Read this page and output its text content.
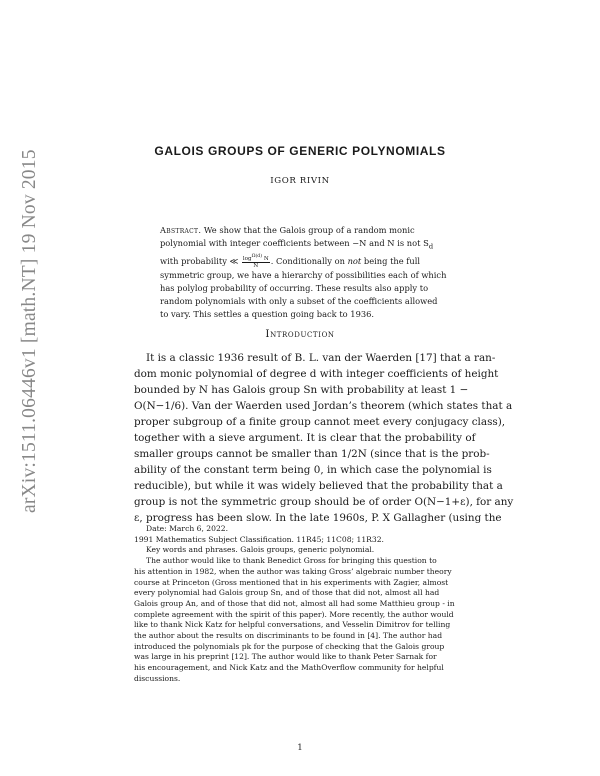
arXiv:1511.06446v1 [math.NT] 19 Nov 2015	GALOIS GROUPS OF GENERIC POLYNOMIALS
IGOR RIVIN
Abstract. We show that the Galois group of a random monic
polynomial with integer coefficients between −N and N is not $S_d$
with probability ≪ $\frac{\log^{\Omega(d)} N}{N}$ . Conditionally on not being the full
symmetric group, we have a hierarchy of possibilities each of which
has polylog probability of occurring. These results also apply to
random polynomials with only a subset of the coefficients allowed
to vary. This settles a question going back to 1936.
Introduction
It is a classic 1936 result of B. L. van der Waerden [17] that a ran-
dom monic polynomial of degree d with integer coefficients of height
bounded by N has Galois group Sn with probability at least 1 −
O(N−1/6). Van der Waerden used Jordan’s theorem (which states that a
proper subgroup of a finite group cannot meet every conjugacy class),
together with a sieve argument. It is clear that the probability of
smaller groups cannot be smaller than 1/2N (since that is the prob-
ability of the constant term being 0, in which case the polynomial is
reducible), but while it was widely believed that the probability that a
group is not the symmetric group should be of order O(N−1+ε), for any
ε, progress has been slow. In the late 1960s, P. X Gallagher (using the
Date: March 6, 2022.
1991 Mathematics Subject Classification. 11R45; 11C08; 11R32.
Key words and phrases. Galois groups, generic polynomial.
The author would like to thank Benedict Gross for bringing this question to
his attention in 1982, when the author was taking Gross’ algebraic number theory
course at Princeton (Gross mentioned that in his experiments with Zagier, almost
every polynomial had Galois group Sn, and of those that did not, almost all had
Galois group An, and of those that did not, almost all had some Matthieu group - in
complete agreement with the spirit of this paper). More recently, the author would
like to thank Nick Katz for helpful conversations, and Vesselin Dimitrov for telling
the author about the results on discriminants to be found in [4]. The author had
introduced the polynomials pk for the purpose of checking that the Galois group
was large in his preprint [12]. The author would like to thank Peter Sarnak for
his encouragement, and Nick Katz and the MathOverflow community for helpful
discussions.
1
